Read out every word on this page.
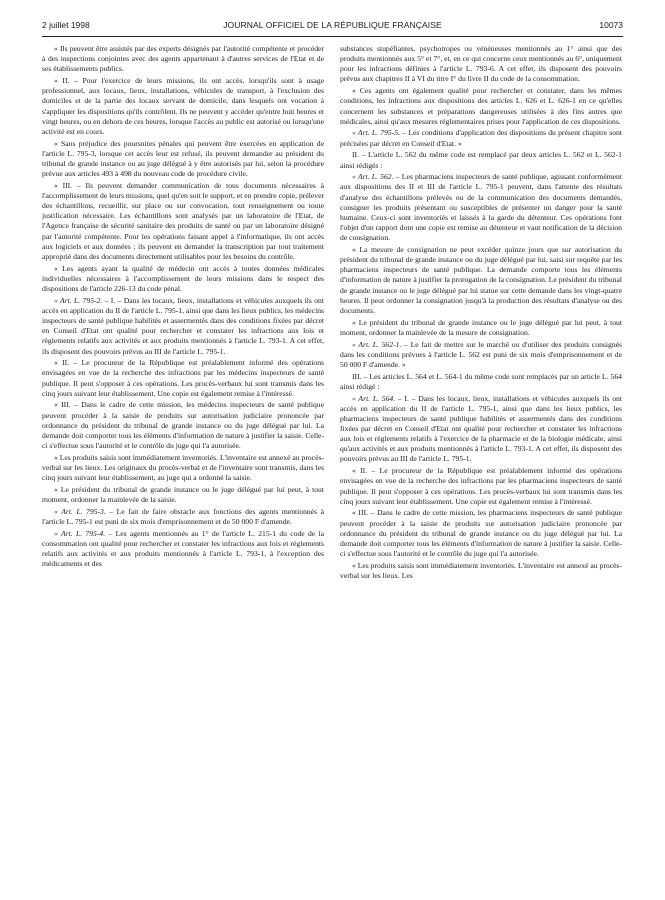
2 juillet 1998	JOURNAL OFFICIEL DE LA RÉPUBLIQUE FRANÇAISE	10073

« Ils peuvent être assistés par des experts désignés par l'autorité compétente et procéder à des inspections conjointes avec des agents appartenant à d'autres services de l'Etat et de ses établissements publics.

« II. – Pour l'exercice de leurs missions, ils ont accès, lorsqu'ils sont à usage professionnel, aux locaux, lieux, installations, véhicules de transport, à l'exclusion des domiciles et de la partie des locaux servant de domicile, dans lesquels ont vocation à s'appliquer les dispositions qu'ils contrôlent. Ils ne peuvent y accéder qu'entre huit heures et vingt heures, ou en dehors de ces heures, lorsque l'accès au public est autorisé ou lorsqu'une activité est en cours.

« Sans préjudice des poursuites pénales qui peuvent être exercées en application de l'article L. 795-3, lorsque cet accès leur est refusé, ils peuvent demander au président du tribunal de grande instance ou au juge délégué à y être autorisés par lui, selon la procédure prévue aux articles 493 à 498 du nouveau code de procédure civile.

« III. – Ils peuvent demander communication de tous documents nécessaires à l'accomplissement de leurs missions, quel qu'en soit le support, et en prendre copie, prélever des échantillons, recueillir, sur place ou sur convocation, tout renseignement ou toute justification nécessaire. Les échantillons sont analysés par un laboratoire de l'Etat, de l'Agence française de sécurité sanitaire des produits de santé ou par un laboratoire désigné par l'autorité compétente. Pour les opérations faisant appel à l'informatique, ils ont accès aux logiciels et aux données ; ils peuvent en demander la transcription par tout traitement approprié dans des documents directement utilisables pour les besoins du contrôle.

« Les agents ayant la qualité de médecin ont accès à toutes données médicales individuelles nécessaires à l'accomplissement de leurs missions dans le respect des dispositions de l'article 226-13 du code pénal.

« Art. L. 795-2. – I. – Dans les locaux, lieux, installations et véhicules auxquels ils ont accès en application du II de l'article L. 795-1, ainsi que dans les lieux publics, les médecins inspecteurs de santé publique habilités et assermentés dans des conditions fixées par décret en Conseil d'Etat ont qualité pour rechercher et constater les infractions aux lois et règlements relatifs aux activités et aux produits mentionnés à l'article L. 793-1. A cet effet, ils disposent des pouvoirs prévus au III de l'article L. 795-1.

« II. – Le procureur de la République est préalablement informé des opérations envisagées en vue de la recherche des infractions par les médecins inspecteurs de santé publique. Il peut s'opposer à ces opérations. Les procès-verbaux lui sont transmis dans les cinq jours suivant leur établissement. Une copie est également remise à l'intéressé.

« III. – Dans le cadre de cette mission, les médecins inspecteurs de santé publique peuvent procéder à la saisie de produits sur autorisation judiciaire prononcée par ordonnance du président du tribunal de grande instance ou du juge délégué par lui. La demande doit comporter tous les éléments d'information de nature à justifier la saisie. Celle-ci s'effectue sous l'autorité et le contrôle du juge qui l'a autorisée.

« Les produits saisis sont immédiatement inventoriés. L'inventaire est annexé au procès-verbal sur les lieux. Les originaux du procès-verbal et de l'inventaire sont transmis, dans les cinq jours suivant leur établissement, au juge qui a ordonné la saisie.

« Le président du tribunal de grande instance ou le juge délégué par lui peut, à tout moment, ordonner la mainlevée de la saisie.

« Art. L. 795-3. – Le fait de faire obstacle aux fonctions des agents mentionnés à l'article L. 795-1 est puni de six mois d'emprisonnement et de 50 000 F d'amende.

« Art. L. 795-4. – Les agents mentionnés au 1° de l'article L. 215-1 du code de la consommation ont qualité pour rechercher et constater les infractions aux lois et règlements relatifs aux activités et aux produits mentionnés à l'article L. 793-1, à l'exception des médicaments et des

substances stupéfiantes, psychotropes ou vénéneuses mentionnés au 1° ainsi que des produits mentionnés aux 5° et 7°, et, en ce qui concerne ceux mentionnés au 6°, uniquement pour les infractions définies à l'article L. 793-6. A cet effet, ils disposent des pouvoirs prévus aux chapitres II à VI du titre I° du livre II du code de la consommation.

« Ces agents ont également qualité pour rechercher et constater, dans les mêmes conditions, les infractions aux dispositions des articles L. 626 et L. 626-1 en ce qu'elles concernent les substances et préparations dangereuses utilisées à des fins autres que médicales, ainsi qu'aux mesures réglementaires prises pour l'application de ces dispositions.

« Art. L. 795-5. – Les conditions d'application des dispositions du présent chapitre sont précisées par décret en Conseil d'Etat. »

II. – L'article L. 562 du même code est remplacé par deux articles L. 562 et L. 562-1 ainsi rédigés :

« Art. L. 562. – Les pharmaciens inspecteurs de santé publique, agissant conformément aux dispositions des II et III de l'article L. 795-1 peuvent, dans l'attente des résultats d'analyse des échantillons prélevés ou de la communication des documents demandés, consigner les produits présentant ou susceptibles de présenter un danger pour la santé humaine. Ceux-ci sont inventoriés et laissés à la garde du détenteur. Ces opérations font l'objet d'un rapport dont une copie est remise au détenteur et vaut notification de la décision de consignation.

« La mesure de consignation ne peut excéder quinze jours que sur autorisation du président du tribunal de grande instance ou du juge délégué par lui, saisi sur requête par les pharmaciens inspecteurs de santé publique. La demande comporte tous les éléments d'information de nature à justifier la prorogation de la consignation. Le président du tribunal de grande instance ou le juge délégué par lui statue sur cette demande dans les vingt-quatre heures. Il peut ordonner la consignation jusqu'à la production des résultats d'analyse ou des documents.

« Le président du tribunal de grande instance ou le juge délégué par lui peut, à tout moment, ordonner la mainlevée de la mesure de consignation.

« Art. L. 562-1. – Le fait de mettre sur le marché ou d'utiliser des produits consignés dans les conditions prévues à l'article L. 562 est puni de six mois d'emprisonnement et de 50 000 F d'amende. »

III. – Les articles L. 564 et L. 564-1 du même code sont remplacés par un article L. 564 ainsi rédigé :

« Art. L. 564. – I. – Dans les locaux, lieux, installations et véhicules auxquels ils ont accès en application du II de l'article L. 795-1, ainsi que dans les lieux publics, les pharmaciens inspecteurs de santé publique habilités et assermentés dans des conditions fixées par décret en Conseil d'Etat ont qualité pour rechercher et constater les infractions aux lois et règlements relatifs à l'exercice de la pharmacie et de la biologie médicale, ainsi qu'aux activités et aux produits mentionnés à l'article L. 793-1. A cet effet, ils disposent des pouvoirs prévus au III de l'article L. 795-1.

« II. – Le procureur de la République est préalablement informé des opérations envisagées en vue de la recherche des infractions par les pharmaciens inspecteurs de santé publique. Il peut s'opposer à ces opérations. Les procès-verbaux lui sont transmis dans les cinq jours suivant leur établissement. Une copie est également remise à l'intéressé.

« III. – Dans le cadre de cette mission, les pharmaciens inspecteurs de santé publique peuvent procéder à la saisie de produits sur autorisation judiciaire prononcée par ordonnance du président du tribunal de grande instance ou du juge délégué par lui. La demande doit comporter tous les éléments d'information de nature à justifier la saisie. Celle-ci s'effectue sous l'autorité et le contrôle du juge qui l'a autorisée.

« Les produits saisis sont immédiatement inventoriés. L'inventaire est annexé au procès-verbal sur les lieux. Les
